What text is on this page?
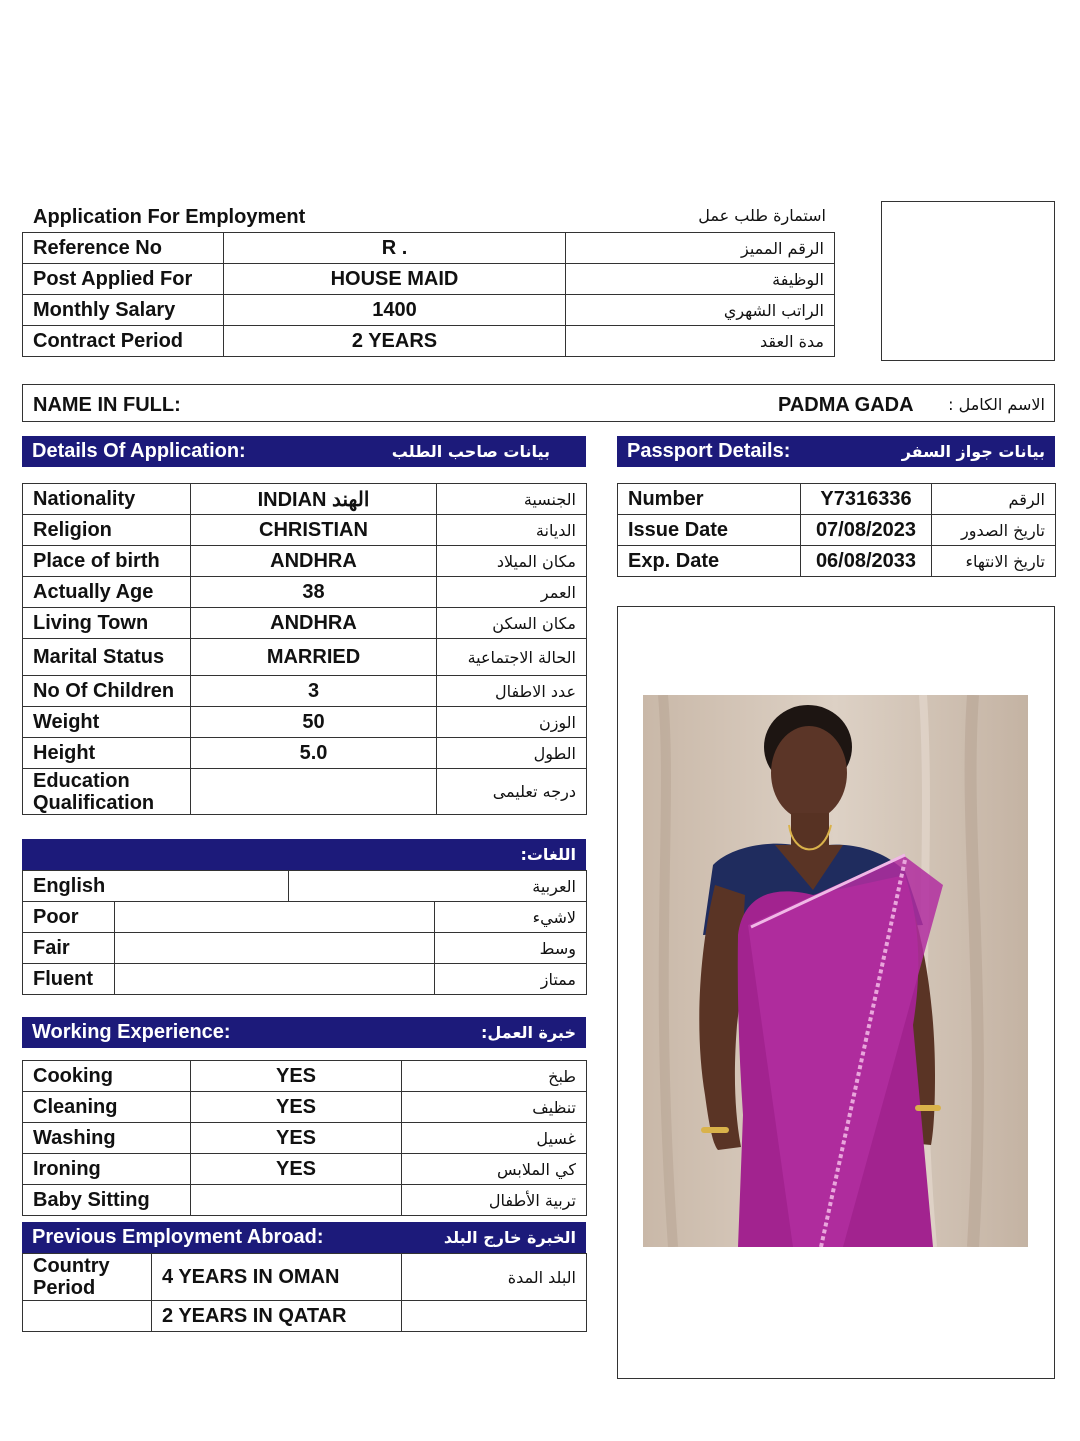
Application For Employment	استمارة طلب عمل
Reference No	R .	الرقم المميز
Post Applied For	HOUSE MAID	الوظيفة
Monthly Salary	1400	الراتب الشهري
Contract Period	2 YEARS	مدة العقد
NAME IN FULL:	PADMA GADA	الاسم الكامل :
Details Of Application:	بيانات صاحب الطلب	Passport Details:	بيانات جواز السفر
Nationality	INDIAN الهند	الجنسية
Religion	CHRISTIAN	الديانة
Place of birth	ANDHRA	مكان الميلاد
Actually Age	38	العمر
Living Town	ANDHRA	مكان السكن
Marital Status	MARRIED	الحالة الاجتماعية
No Of Children	3	عدد الاطفال
Weight	50	الوزن
Height	5.0	الطول

Education
Qualification		درجه تعليمى
Number	Y7316336	الرقم
Issue Date	07/08/2023	تاريخ الصدور
Exp. Date	06/08/2033	تاريخ الانتهاء
اللغات:
English	العربية
Poor		لاشيء
Fair		وسط
Fluent		ممتاز
Working Experience:	خبرة العمل:
Cooking	YES	طبخ
Cleaning	YES	تنظيف
Washing	YES	غسيل
Ironing	YES	كي الملابس
Baby Sitting		تربية الأطفال
Previous Employment Abroad:	الخبرة خارج البلد
Country
Period	4 YEARS IN OMAN	البلد المدة
	2 YEARS IN QATAR	
